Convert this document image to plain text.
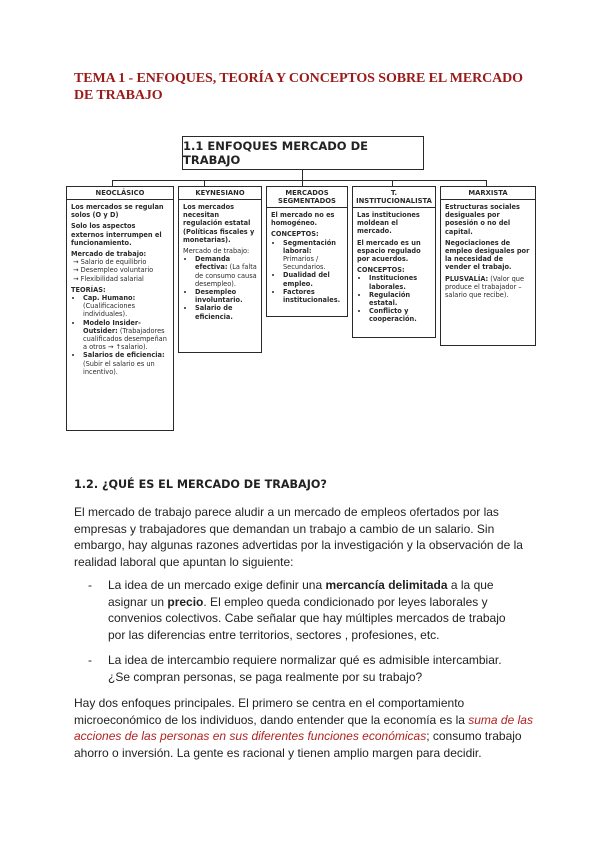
TEMA 1 - ENFOQUES, TEORÍA Y CONCEPTOS SOBRE EL MERCADO DE TRABAJO
1.1 ENFOQUES MERCADO DE TRABAJO
NEOCLÁSICO

Los mercados se regulan solos (O y D)

Solo los aspectos externos interrumpen el funcionamiento.

Mercado de trabajo:

→ Salario de equilibrio
→ Desempleo voluntario
→ Flexibilidad salarial

TEORÍAS:

• Cap. Humano: (Cualificaciones individuales).
• Modelo Insider-Outsider: (Trabajadores cualificados desempeñan a otros → ↑salario).
• Salarios de eficiencia: (Subir el salario es un incentivo).
KEYNESIANO

Los mercados necesitan regulación estatal (Políticas fiscales y monetarias).

Mercado de trabajo:

• Demanda efectiva: (La falta de consumo causa desempleo).
• Desempleo involuntario.
• Salario de eficiencia.
MERCADOS SEGMENTADOS

El mercado no es homogéneo.

CONCEPTOS:

• Segmentación laboral: Primarios / Secundarios.
• Dualidad del empleo.
• Factores institucionales.
T. INSTITUCIONALISTA

Las instituciones moldean el mercado.

El mercado es un espacio regulado por acuerdos.

CONCEPTOS:

• Instituciones laborales.
• Regulación estatal.
• Conflicto y cooperación.
MARXISTA

Estructuras sociales desiguales por posesión o no del capital.

Negociaciones de empleo desiguales por la necesidad de vender el trabajo.

PLUSVALÍA: (Valor que produce el trabajador – salario que recibe).

1.2. ¿QUÉ ES EL MERCADO DE TRABAJO?

El mercado de trabajo parece aludir a un mercado de empleos ofertados por las empresas y trabajadores que demandan un trabajo a cambio de un salario. Sin embargo, hay algunas razones advertidas por la investigación y la observación de la realidad laboral que apuntan lo siguiente:

- La idea de un mercado exige definir una mercancía delimitada a la que asignar un precio. El empleo queda condicionado por leyes laborales y convenios colectivos. Cabe señalar que hay múltiples mercados de trabajo por las diferencias entre territorios, sectores , profesiones, etc.
- La idea de intercambio requiere normalizar qué es admisible intercambiar. ¿Se compran personas, se paga realmente por su trabajo?

Hay dos enfoques principales. El primero se centra en el comportamiento microeconómico de los individuos, dando entender que la economía es la suma de las acciones de las personas en sus diferentes funciones económicas; consumo trabajo ahorro o inversión. La gente es racional y tienen amplio margen para decidir.
